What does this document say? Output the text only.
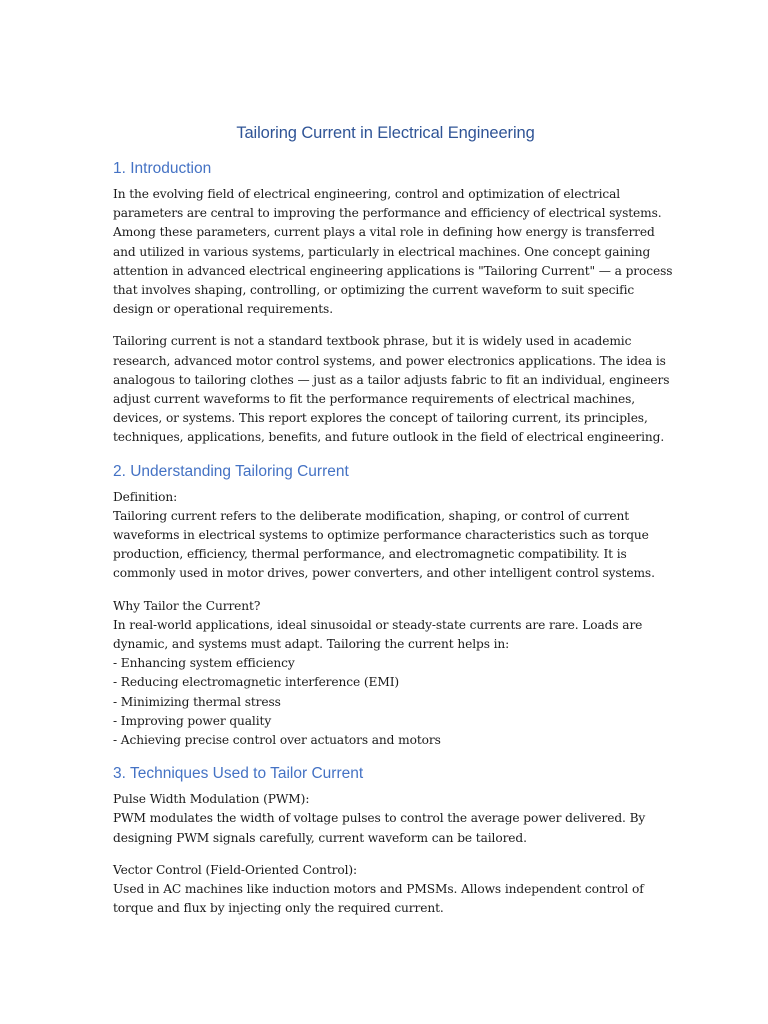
Tailoring Current in Electrical Engineering
1. Introduction

In the evolving field of electrical engineering, control and optimization of electrical
parameters are central to improving the performance and efficiency of electrical systems.
Among these parameters, current plays a vital role in defining how energy is transferred
and utilized in various systems, particularly in electrical machines. One concept gaining
attention in advanced electrical engineering applications is "Tailoring Current" — a process
that involves shaping, controlling, or optimizing the current waveform to suit specific
design or operational requirements.

Tailoring current is not a standard textbook phrase, but it is widely used in academic
research, advanced motor control systems, and power electronics applications. The idea is
analogous to tailoring clothes — just as a tailor adjusts fabric to fit an individual, engineers
adjust current waveforms to fit the performance requirements of electrical machines,
devices, or systems. This report explores the concept of tailoring current, its principles,
techniques, applications, benefits, and future outlook in the field of electrical engineering.

2. Understanding Tailoring Current

Definition:
Tailoring current refers to the deliberate modification, shaping, or control of current
waveforms in electrical systems to optimize performance characteristics such as torque
production, efficiency, thermal performance, and electromagnetic compatibility. It is
commonly used in motor drives, power converters, and other intelligent control systems.

Why Tailor the Current?
In real-world applications, ideal sinusoidal or steady-state currents are rare. Loads are
dynamic, and systems must adapt. Tailoring the current helps in:
- Enhancing system efficiency
- Reducing electromagnetic interference (EMI)
- Minimizing thermal stress
- Improving power quality
- Achieving precise control over actuators and motors

3. Techniques Used to Tailor Current

Pulse Width Modulation (PWM):
PWM modulates the width of voltage pulses to control the average power delivered. By
designing PWM signals carefully, current waveform can be tailored.

Vector Control (Field-Oriented Control):
Used in AC machines like induction motors and PMSMs. Allows independent control of
torque and flux by injecting only the required current.
